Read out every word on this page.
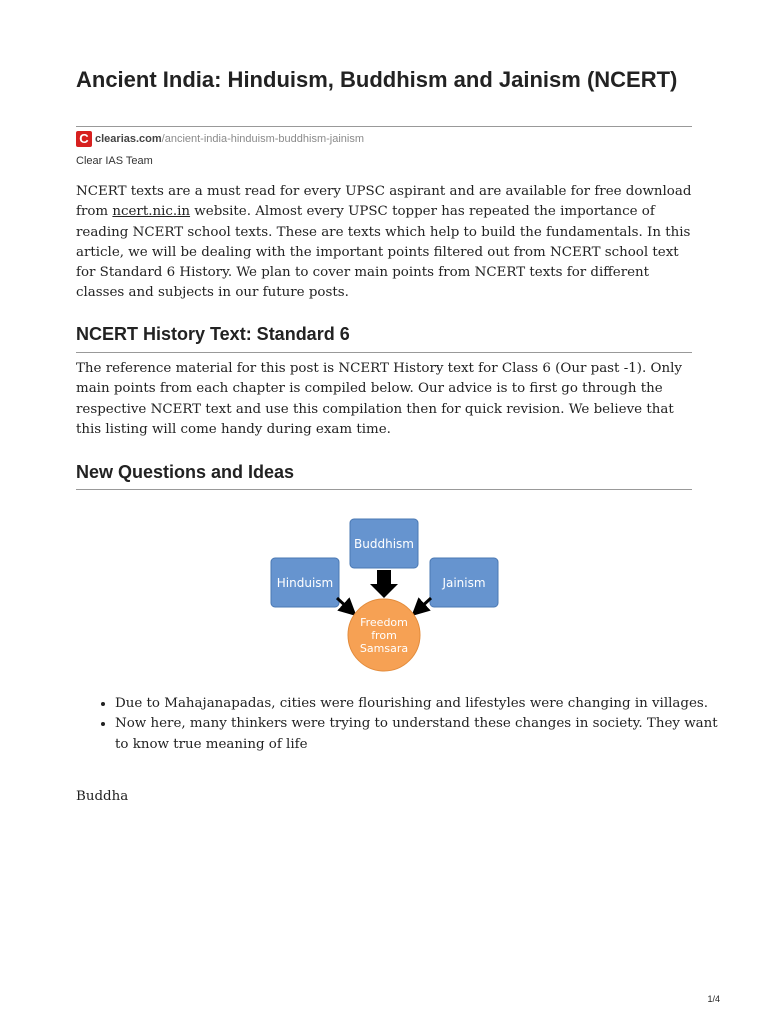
Ancient India: Hinduism, Buddhism and Jainism (NCERT)
C clearias.com/ancient-india-hinduism-buddhism-jainism
Clear IAS Team

NCERT texts are a must read for every UPSC aspirant and are available for free download from ncert.nic.in website. Almost every UPSC topper has repeated the importance of reading NCERT school texts. These are texts which help to build the fundamentals. In this article, we will be dealing with the important points filtered out from NCERT school text for Standard 6 History. We plan to cover main points from NCERT texts for different classes and subjects in our future posts.

NCERT History Text: Standard 6

The reference material for this post is NCERT History text for Class 6 (Our past -1). Only main points from each chapter is compiled below. Our advice is to first go through the respective NCERT text and use this compilation then for quick revision. We believe that this listing will come handy during exam time.

New Questions and Ideas
• Due to Mahajanapadas, cities were flourishing and lifestyles were changing in villages.
• Now here, many thinkers were trying to understand these changes in society. They want to know true meaning of life
Buddha
Buddhism
Hinduism	Jainism
Freedom
from
Samsara
1/4
